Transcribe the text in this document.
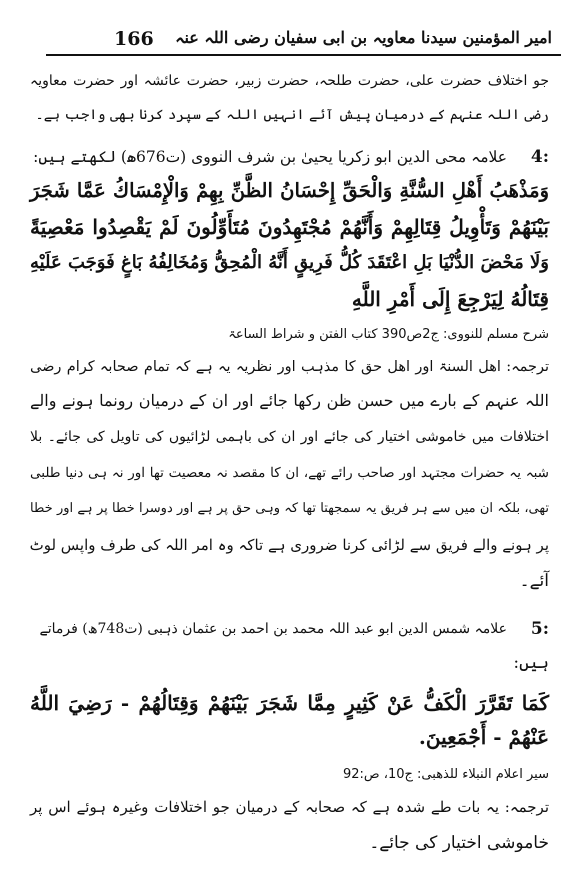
امیر المؤمنین سیدنا معاویہ بن ابی سفیان رضی اللہ عنہ
166
جو اختلاف حضرت علی، حضرت طلحہ، حضرت زبیر، حضرت عائشہ اور حضرت معاویہ
رضی اللہ عنہم کے درمیان پیش آئے انہیں اللہ کے سپرد کرنا بھی واجب ہے۔
4:
علامہ محی الدین ابو زکریا یحییٰ بن شرف النووی (ت676ھ) لکھتے ہیں:
وَمَذْهَبُ أَهْلِ السُّنَّةِ وَالْحَقِّ إِحْسَانُ الظَّنِّ بِهِمْ وَالْإِمْسَاكُ عَمَّا شَجَرَ
بَيْنَهُمْ وَتَأْوِيلُ قِتَالِهِمْ وَأَنَّهُمْ مُجْتَهِدُونَ مُتَأَوِّلُونَ لَمْ يَقْصِدُوا مَعْصِيَةً
وَلَا مَحْضَ الدُّنْيَا بَلِ اعْتَقَدَ كُلُّ فَرِيقٍ أَنَّهُ الْمُحِقُّ وَمُخَالِفُهُ بَاغٍ فَوَجَبَ عَلَيْهِ
قِتَالُهُ لِيَرْجِعَ إِلَى أَمْرِ اللَّهِ
شرح مسلم للنووی: ج2ص390 کتاب الفتن و شراط الساعۃ
ترجمہ: اھل السنۃ اور اھل حق کا مذہب اور نظریہ یہ ہے کہ تمام صحابہ کرام رضی
اللہ عنہم کے بارے میں حسن ظن رکھا جائے اور ان کے درمیان رونما ہونے والے
اختلافات میں خاموشی اختیار کی جائے اور ان کی باہمی لڑائیوں کی تاویل کی جائے۔ بلا
شبہ یہ حضرات مجتہد اور صاحب رائے تھے، ان کا مقصد نہ معصیت تھا اور نہ ہی دنیا طلبی
تھی، بلکہ ان میں سے ہر فریق یہ سمجھتا تھا کہ وہی حق پر ہے اور دوسرا خطا پر ہے اور خطا
پر ہونے والے فریق سے لڑائی کرنا ضروری ہے تاکہ وہ امر اللہ کی طرف واپس لوٹ
آئے۔
5:
علامہ شمس الدین ابو عبد اللہ محمد بن احمد بن عثمان ذہبی (ت748ھ) فرماتے
ہیں:
كَمَا تَقَرَّرَ الْكَفُّ عَنْ كَثِيرٍ مِمَّا شَجَرَ بَيْنَهُمْ وَقِتَالُهُمْ - رَضِيَ اللَّهُ
عَنْهُمْ - أَجْمَعِينَ.
سیر اعلام النبلاء للذھبی: ج10، ص:92
ترجمہ: یہ بات طے شدہ ہے کہ صحابہ کے درمیان جو اختلافات وغیرہ ہوئے اس پر
خاموشی اختیار کی جائے۔
